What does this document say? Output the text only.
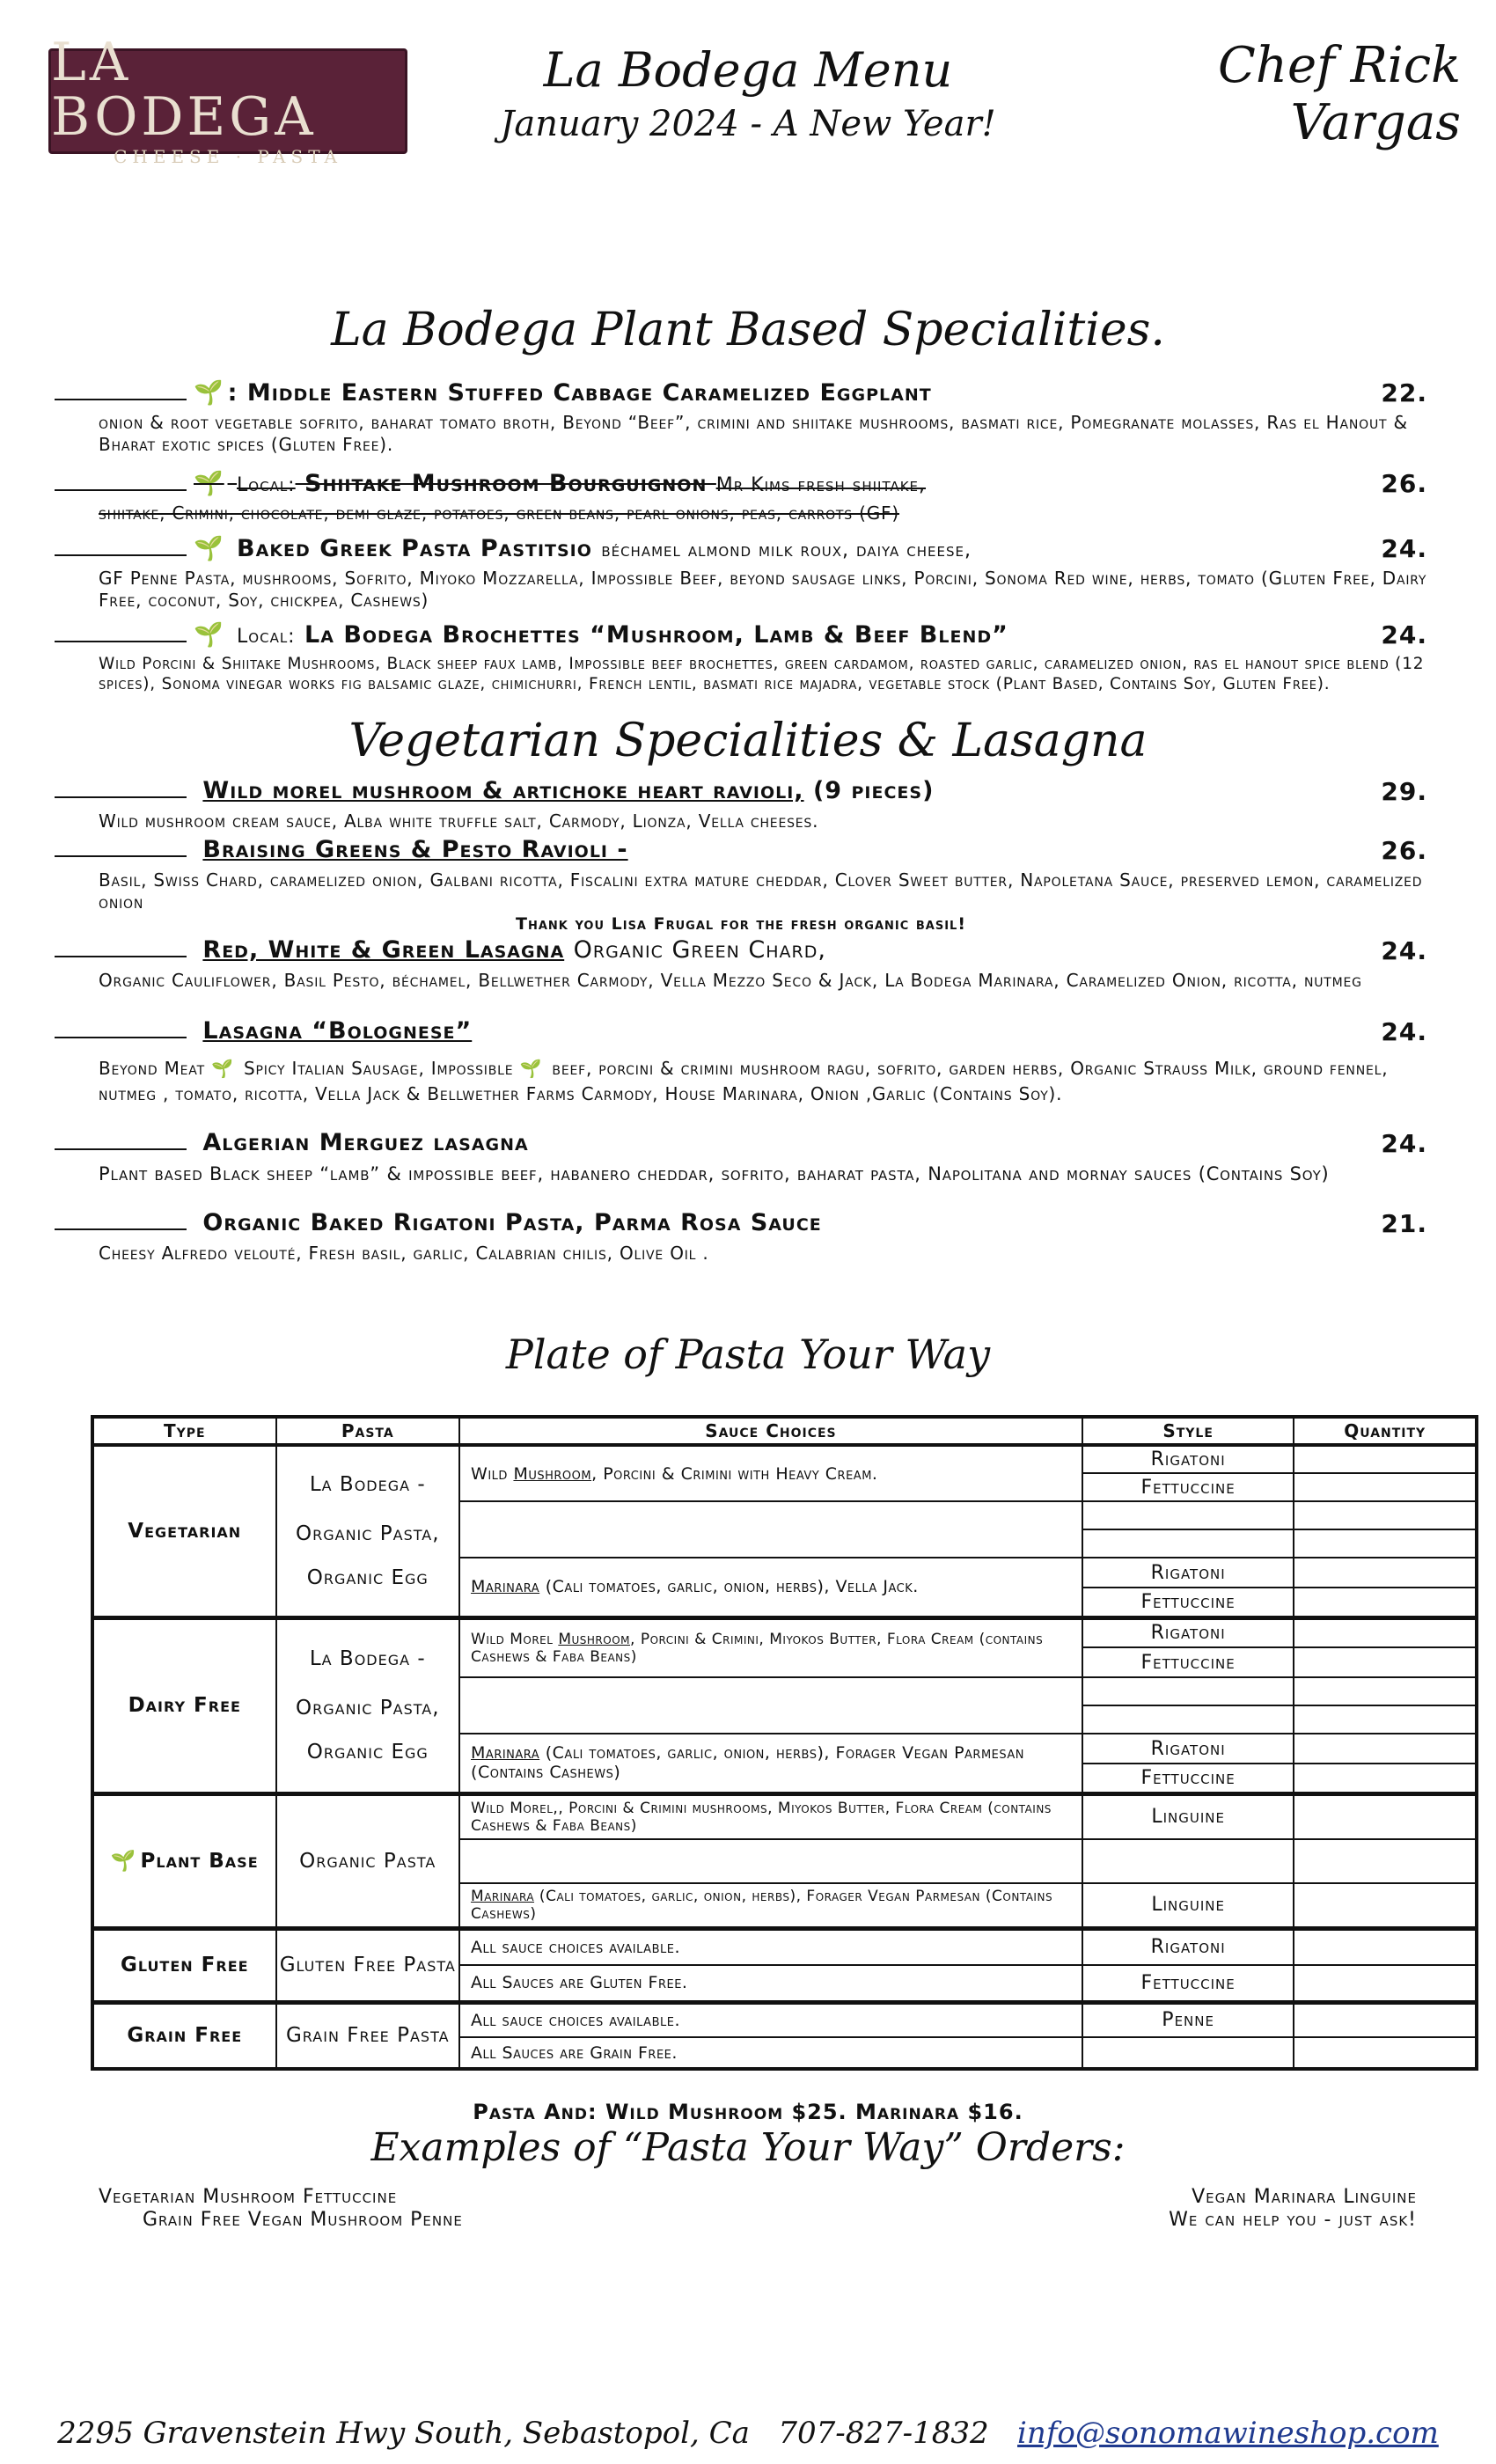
LA BODEGA
CHEESE · PASTA
La Bodega Menu
January 2024 - A New Year!
Chef Rick Vargas
La Bodega Plant Based Specialities.
🌱 : Middle Eastern Stuffed Cabbage Caramelized Eggplant	22.
onion & root vegetable sofrito, baharat tomato broth, Beyond “Beef”, crimini and shiitake mushrooms, basmati rice, Pomegranate molasses, Ras el Hanout & Bharat exotic spices (Gluten Free).
🌱 Local: Shiitake Mushroom Bourguignon Mr Kims fresh shiitake,	26.
shiitake, Crimini, chocolate, demi glaze, potatoes, green beans, pearl onions, peas, carrots (GF)
🌱 Baked Greek Pasta Pastitsio béchamel almond milk roux, daiya cheese,	24.
GF Penne Pasta, mushrooms, Sofrito, Miyoko Mozzarella, Impossible Beef, beyond sausage links, Porcini, Sonoma Red wine, herbs, tomato (Gluten Free, Dairy Free, coconut, Soy, chickpea, Cashews)
🌱 Local: La Bodega Brochettes “Mushroom, Lamb & Beef Blend”	24.
Wild Porcini & Shiitake Mushrooms, Black sheep faux lamb, Impossible beef brochettes, green cardamom, roasted garlic, caramelized onion, ras el hanout spice blend (12 spices), Sonoma vinegar works fig balsamic glaze, chimichurri, French lentil, basmati rice majadra, vegetable stock (Plant Based, Contains Soy, Gluten Free).
Vegetarian Specialities & Lasagna
Wild morel mushroom & artichoke heart ravioli, (9 pieces)	29.
Wild mushroom cream sauce, Alba white truffle salt, Carmody, Lionza, Vella cheeses.
Braising Greens & Pesto Ravioli -	26.
Basil, Swiss Chard, caramelized onion, Galbani ricotta, Fiscalini extra mature cheddar, Clover Sweet butter, Napoletana Sauce, preserved lemon, caramelized onion
Thank you Lisa Frugal for the fresh organic basil!
Red, White & Green Lasagna Organic Green Chard,	24.
Organic Cauliflower, Basil Pesto, béchamel, Bellwether Carmody, Vella Mezzo Seco & Jack, La Bodega Marinara, Caramelized Onion, ricotta, nutmeg
Lasagna “Bolognese”	24.
Beyond Meat 🌱 Spicy Italian Sausage, Impossible 🌱 beef, porcini & crimini mushroom ragu, sofrito, garden herbs, Organic Strauss Milk, ground fennel, nutmeg , tomato, ricotta, Vella Jack & Bellwether Farms Carmody, House Marinara, Onion ,Garlic (Contains Soy).
Algerian Merguez lasagna	24.
Plant based Black sheep “lamb” & impossible beef, habanero cheddar, sofrito, baharat pasta, Napolitana and mornay sauces (Contains Soy)
Organic Baked Rigatoni Pasta, Parma Rosa Sauce	21.
Cheesy Alfredo velouté, Fresh basil, garlic, Calabrian chilis, Olive Oil .
Plate of Pasta Your Way
Type	Pasta	Sauce Choices	Style	Quantity
Vegetarian	La Bodega -
Organic Pasta,
Organic Egg	Wild Mushroom, Porcini & Crimini with Heavy Cream.	Rigatoni	
			Fettuccine	

		Marinara (Cali tomatoes, garlic, onion, herbs), Vella Jack.	Rigatoni	
			Fettuccine	
Dairy Free	La Bodega -
Organic Pasta,
Organic Egg	Wild Morel Mushroom, Porcini & Crimini, Miyokos Butter, Flora Cream (contains Cashews & Faba Beans)	Rigatoni	
			Fettuccine	

		Marinara (Cali tomatoes, garlic, onion, herbs), Forager Vegan Parmesan (Contains Cashews)	Rigatoni	
			Fettuccine	
🌱 Plant Base	Organic Pasta	Wild Morel,, Porcini & Crimini mushrooms, Miyokos Butter, Flora Cream (contains Cashews & Faba Beans)	Linguine	

		Marinara (Cali tomatoes, garlic, onion, herbs), Forager Vegan Parmesan (Contains Cashews)	Linguine	
Gluten Free	Gluten Free Pasta	All sauce choices available.	Rigatoni	
		All Sauces are Gluten Free.	Fettuccine	
Grain Free	Grain Free Pasta	All sauce choices available.	Penne	
		All Sauces are Grain Free.		
Pasta And: Wild Mushroom $25. Marinara $16.
Examples of “Pasta Your Way” Orders:
Vegetarian Mushroom Fettuccine
Grain Free Vegan Mushroom Penne
Vegan Marinara Linguine
We can help you - just ask!
2295 Gravenstein Hwy South, Sebastopol, Ca 707-827-1832 info@sonomawineshop.com
